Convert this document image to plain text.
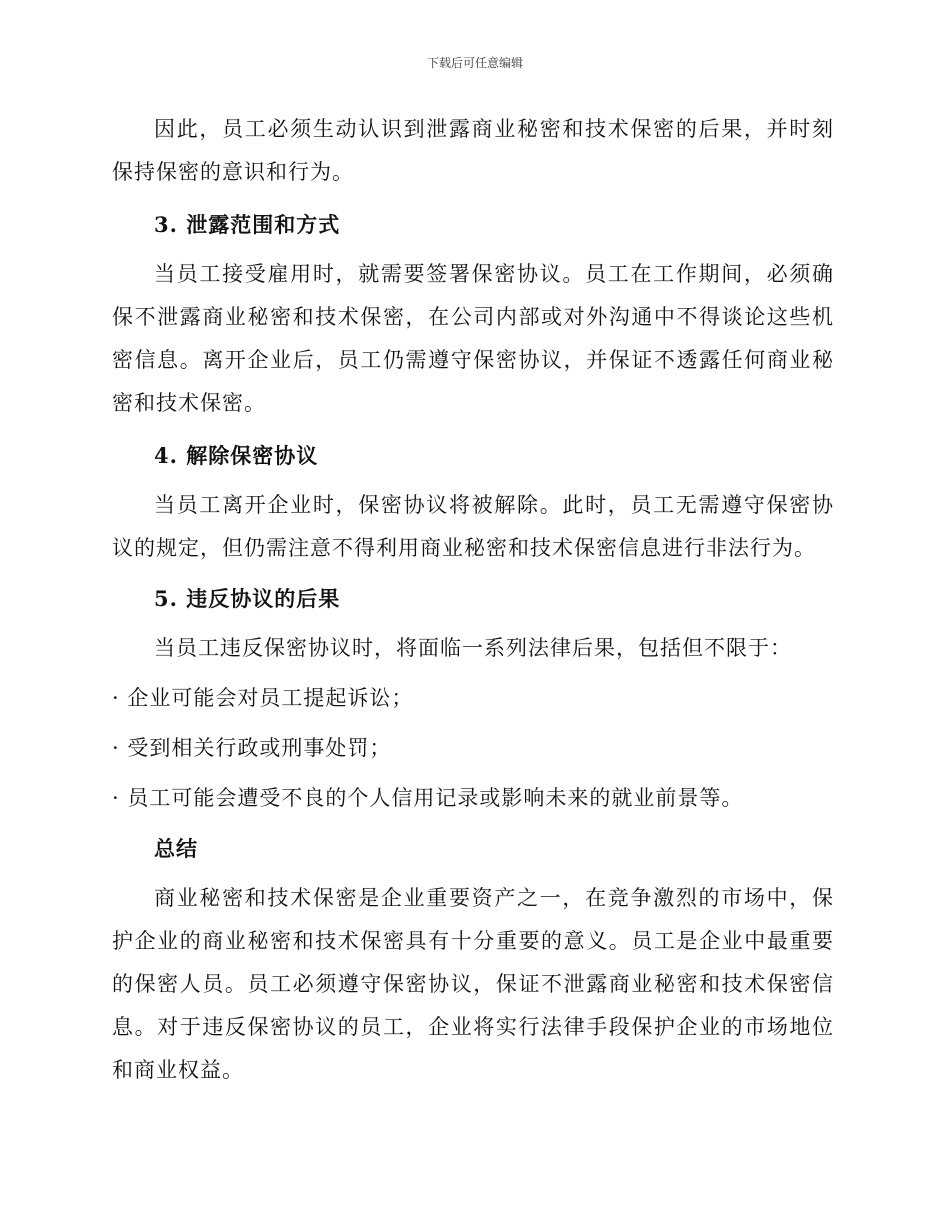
下载后可任意编辑

因此，员工必须生动认识到泄露商业秘密和技术保密的后果，并时刻保持保密的意识和行为。

3. 泄露范围和方式

当员工接受雇用时，就需要签署保密协议。员工在工作期间，必须确保不泄露商业秘密和技术保密，在公司内部或对外沟通中不得谈论这些机密信息。离开企业后，员工仍需遵守保密协议，并保证不透露任何商业秘密和技术保密。

4. 解除保密协议

当员工离开企业时，保密协议将被解除。此时，员工无需遵守保密协议的规定，但仍需注意不得利用商业秘密和技术保密信息进行非法行为。

5. 违反协议的后果

当员工违反保密协议时，将面临一系列法律后果，包括但不限于：

· 企业可能会对员工提起诉讼；

· 受到相关行政或刑事处罚；

· 员工可能会遭受不良的个人信用记录或影响未来的就业前景等。

总结

商业秘密和技术保密是企业重要资产之一，在竞争激烈的市场中，保护企业的商业秘密和技术保密具有十分重要的意义。员工是企业中最重要的保密人员。员工必须遵守保密协议，保证不泄露商业秘密和技术保密信息。对于违反保密协议的员工，企业将实行法律手段保护企业的市场地位和商业权益。
